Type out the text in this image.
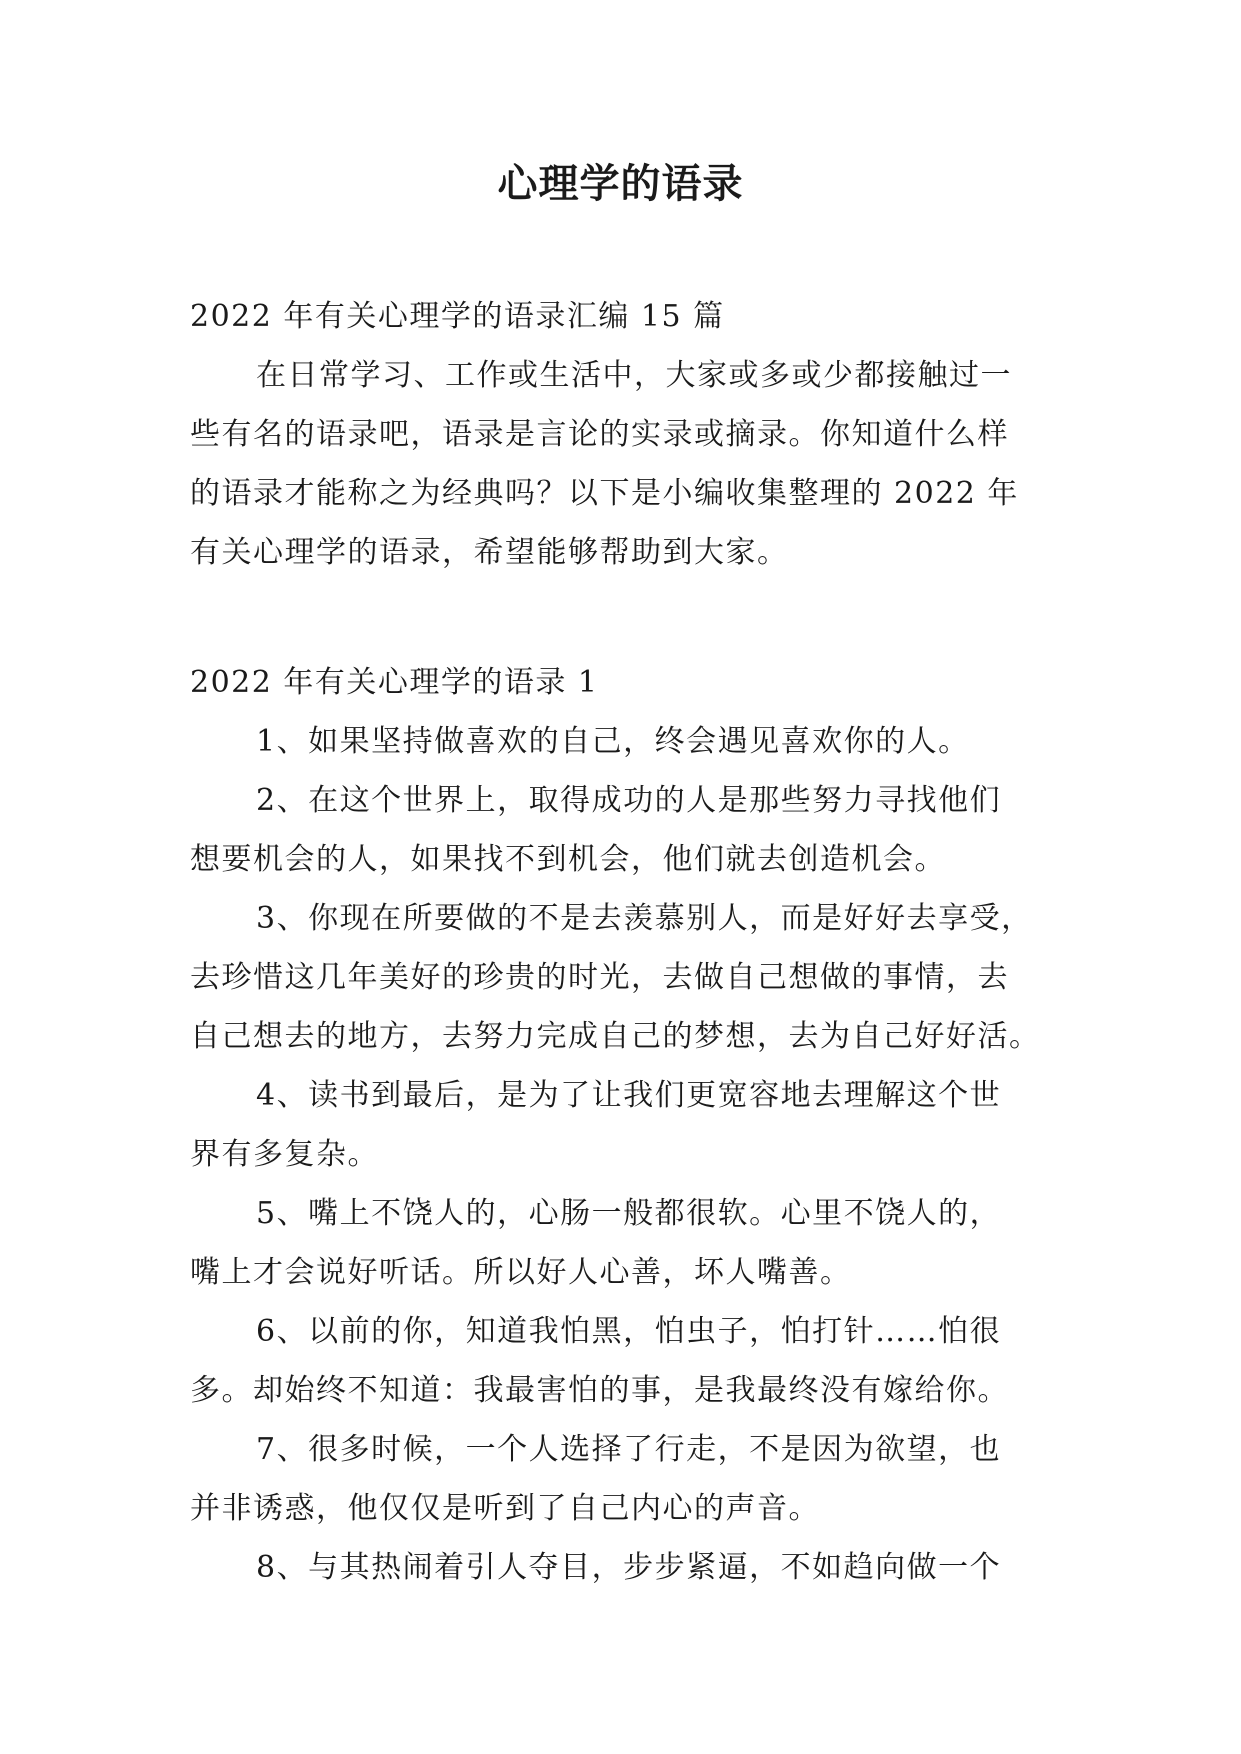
心理学的语录
2022 年有关心理学的语录汇编 15 篇
在日常学习、工作或生活中，大家或多或少都接触过一
些有名的语录吧，语录是言论的实录或摘录。你知道什么样
的语录才能称之为经典吗？以下是小编收集整理的 2022 年
有关心理学的语录，希望能够帮助到大家。
2022 年有关心理学的语录 1
1、如果坚持做喜欢的自己，终会遇见喜欢你的人。
2、在这个世界上，取得成功的人是那些努力寻找他们
想要机会的人，如果找不到机会，他们就去创造机会。
3、你现在所要做的不是去羡慕别人，而是好好去享受，
去珍惜这几年美好的珍贵的时光，去做自己想做的事情，去
自己想去的地方，去努力完成自己的梦想，去为自己好好活。
4、读书到最后，是为了让我们更宽容地去理解这个世
界有多复杂。
5、嘴上不饶人的，心肠一般都很软。心里不饶人的，
嘴上才会说好听话。所以好人心善，坏人嘴善。
6、以前的你，知道我怕黑，怕虫子，怕打针……怕很
多。却始终不知道：我最害怕的事，是我最终没有嫁给你。
7、很多时候，一个人选择了行走，不是因为欲望，也
并非诱惑，他仅仅是听到了自己内心的声音。
8、与其热闹着引人夺目，步步紧逼，不如趋向做一个
